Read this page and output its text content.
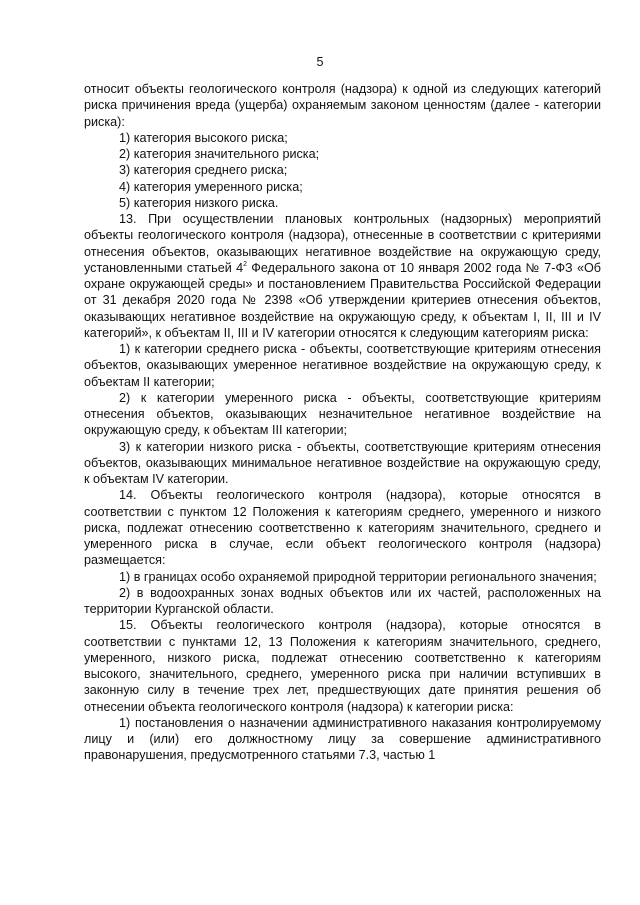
5

относит объекты геологического контроля (надзора) к одной из следующих категорий риска причинения вреда (ущерба) охраняемым законом ценностям (далее - категории риска):

1) категория высокого риска;

2) категория значительного риска;

3) категория среднего риска;

4) категория умеренного риска;

5) категория низкого риска.

13. При осуществлении плановых контрольных (надзорных) мероприятий объекты геологического контроля (надзора), отнесенные в соответствии с критериями отнесения объектов, оказывающих негативное воздействие на окружающую среду, установленными статьей $4^2$ Федерального закона от 10 января 2002 года № 7-ФЗ «Об охране окружающей среды» и постановлением Правительства Российской Федерации от 31 декабря 2020 года № 2398 «Об утверждении критериев отнесения объектов, оказывающих негативное воздействие на окружающую среду, к объектам I, II, III и IV категорий», к объектам II, III и IV категории относятся к следующим категориям риска:

1) к категории среднего риска - объекты, соответствующие критериям отнесения объектов, оказывающих умеренное негативное воздействие на окружающую среду, к объектам II категории;

2) к категории умеренного риска - объекты, соответствующие критериям отнесения объектов, оказывающих незначительное негативное воздействие на окружающую среду, к объектам III категории;

3) к категории низкого риска - объекты, соответствующие критериям отнесения объектов, оказывающих минимальное негативное воздействие на окружающую среду, к объектам IV категории.

14. Объекты геологического контроля (надзора), которые относятся в соответствии с пунктом 12 Положения к категориям среднего, умеренного и низкого риска, подлежат отнесению соответственно к категориям значительного, среднего и умеренного риска в случае, если объект геологического контроля (надзора) размещается:

1) в границах особо охраняемой природной территории регионального значения;

2) в водоохранных зонах водных объектов или их частей, расположенных на территории Курганской области.

15. Объекты геологического контроля (надзора), которые относятся в соответствии с пунктами 12, 13 Положения к категориям значительного, среднего, умеренного, низкого риска, подлежат отнесению соответственно к категориям высокого, значительного, среднего, умеренного риска при наличии вступивших в законную силу в течение трех лет, предшествующих дате принятия решения об отнесении объекта геологического контроля (надзора) к категории риска:

1) постановления о назначении административного наказания контролируемому лицу и (или) его должностному лицу за совершение административного правонарушения, предусмотренного статьями 7.3, частью 1
